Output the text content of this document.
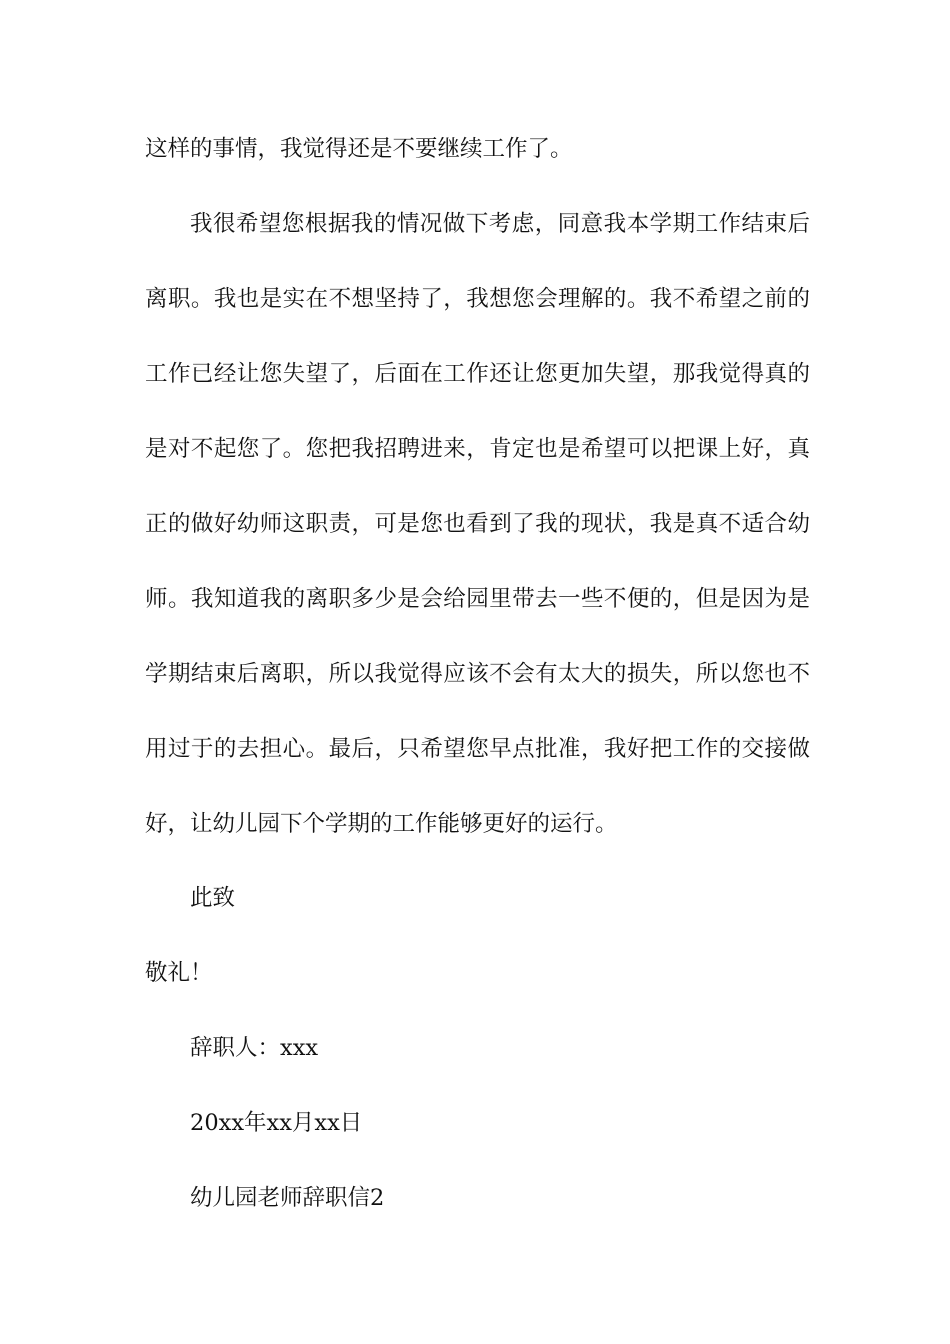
这样的事情，我觉得还是不要继续工作了。
我很希望您根据我的情况做下考虑，同意我本学期工作结束后
离职。我也是实在不想坚持了，我想您会理解的。我不希望之前的
工作已经让您失望了，后面在工作还让您更加失望，那我觉得真的
是对不起您了。您把我招聘进来，肯定也是希望可以把课上好，真
正的做好幼师这职责，可是您也看到了我的现状，我是真不适合幼
师。我知道我的离职多少是会给园里带去一些不便的，但是因为是
学期结束后离职，所以我觉得应该不会有太大的损失，所以您也不
用过于的去担心。最后，只希望您早点批准，我好把工作的交接做
好，让幼儿园下个学期的工作能够更好的运行。
此致
敬礼！
辞职人：xxx
20xx年xx月xx日
幼儿园老师辞职信2
